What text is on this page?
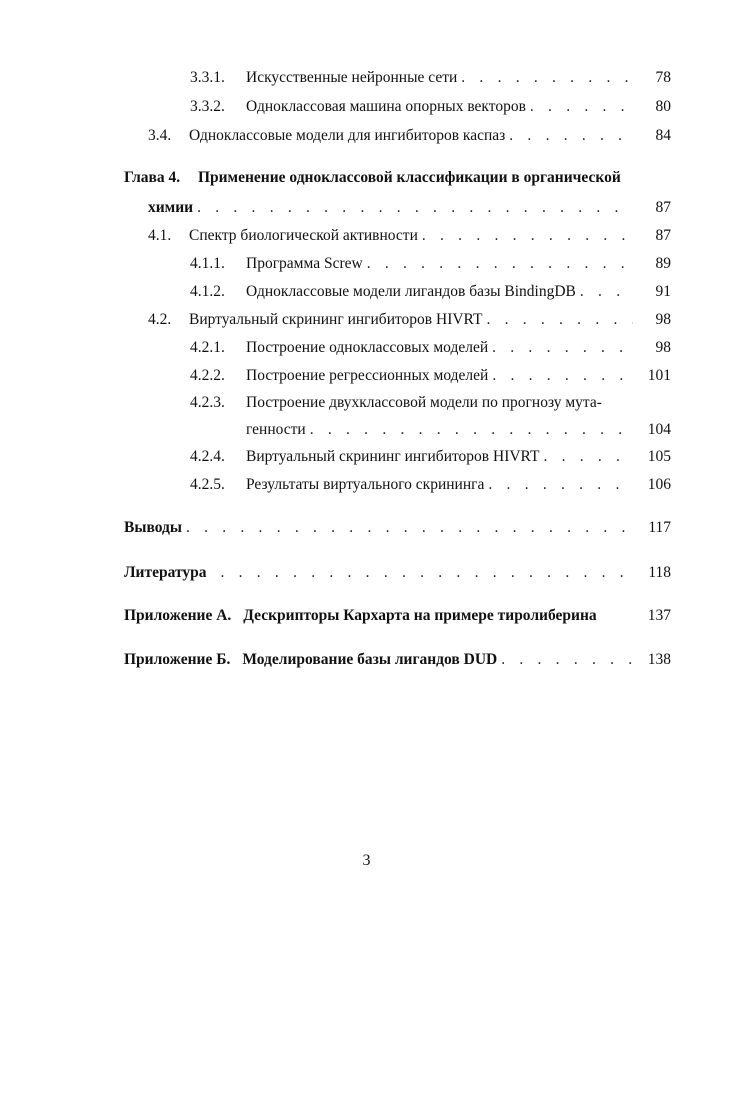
3.3.1.	Искусственные нейронные сети . . .	78
3.3.2.	Одноклассовая машина опорных векторов . . .	80
3.4.	Одноклассовые модели для ингибиторов каспаз . . .	84
Глава 4. Применение одноклассовой классификации в органической
химии . . .	87
4.1.	Спектр биологической активности . . .	87
4.1.1.	Программа Screw . . .	89
4.1.2.	Одноклассовые модели лигандов базы BindingDB . . .	91
4.2.	Виртуальный скрининг ингибиторов HIVRT . . .	98
4.2.1.	Построение одноклассовых моделей . . .	98
4.2.2.	Построение регрессионных моделей . . .	101
4.2.3.	Построение двухклассовой модели по прогнозу мута-
генности . . .	104
4.2.4.	Виртуальный скрининг ингибиторов HIVRT . . .	105
4.2.5.	Результаты виртуального скрининга . . .	106
Выводы . . .	117
Литература . . .	118
Приложение А. Дескрипторы Кархарта на примере тиролиберина	137
Приложение Б. Моделирование базы лигандов DUD . . .	138
3
